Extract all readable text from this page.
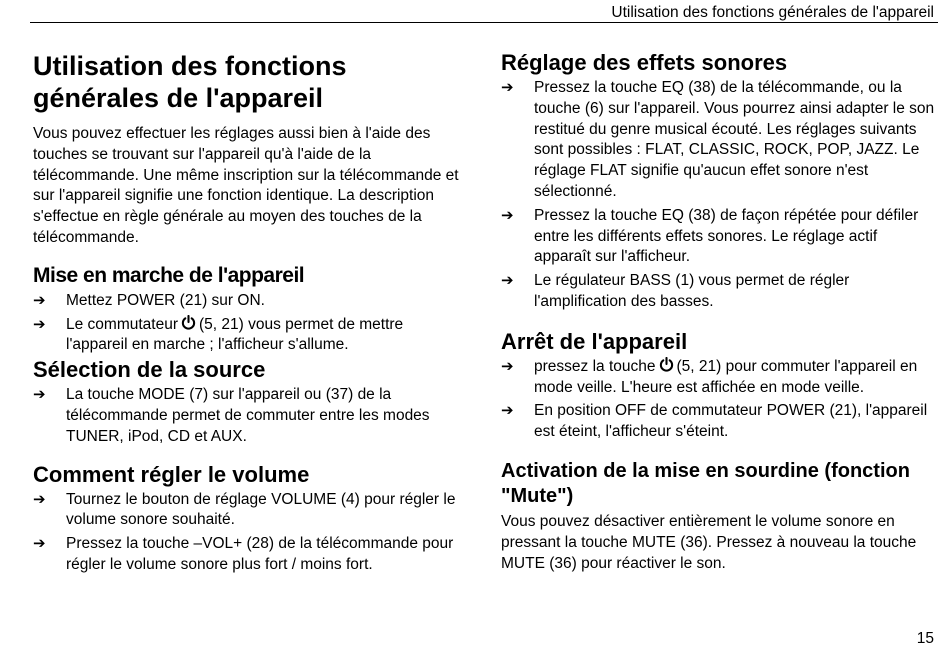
Utilisation des fonctions générales de l'appareil
Utilisation des fonctions générales de l'appareil

Vous pouvez effectuer les réglages aussi bien à l'aide des touches se trouvant sur l'appareil qu'à l'aide de la télécommande. Une même inscription sur la télécommande et sur l'appareil signifie une fonction identique. La description s'effectue en règle générale au moyen des touches de la télécommande.

Mise en marche de l'appareil
➔ Mettez POWER (21) sur ON.
➔ Le commutateur (5, 21) vous permet de mettre l'appareil en marche ; l'afficheur s'allume.
Sélection de la source
➔ La touche MODE (7) sur l'appareil ou (37) de la télécommande permet de commuter entre les modes TUNER, iPod, CD et AUX.
Comment régler le volume
➔ Tournez le bouton de réglage VOLUME (4) pour régler le volume sonore souhaité.
➔ Pressez la touche –VOL+ (28) de la télécommande pour régler le volume sonore plus fort / moins fort.
Réglage des effets sonores
➔ Pressez la touche EQ (38) de la télécommande, ou la touche (6) sur l'appareil. Vous pourrez ainsi adapter le son restitué du genre musical écouté. Les réglages suivants sont possibles : FLAT, CLASSIC, ROCK, POP, JAZZ. Le réglage FLAT signifie qu'aucun effet sonore n'est sélectionné.
➔ Pressez la touche EQ (38) de façon répétée pour défiler entre les différents effets sonores. Le réglage actif apparaît sur l'afficheur.
➔ Le régulateur BASS (1) vous permet de régler l'amplification des basses.
Arrêt de l'appareil
➔ pressez la touche (5, 21) pour commuter l'appareil en mode veille. L'heure est affichée en mode veille.
➔ En position OFF de commutateur POWER (21), l'appareil est éteint, l'afficheur s'éteint.
Activation de la mise en sourdine (fonction "Mute")

Vous pouvez désactiver entièrement le volume sonore en pressant la touche MUTE (36). Pressez à nouveau la touche MUTE (36) pour réactiver le son.

15
